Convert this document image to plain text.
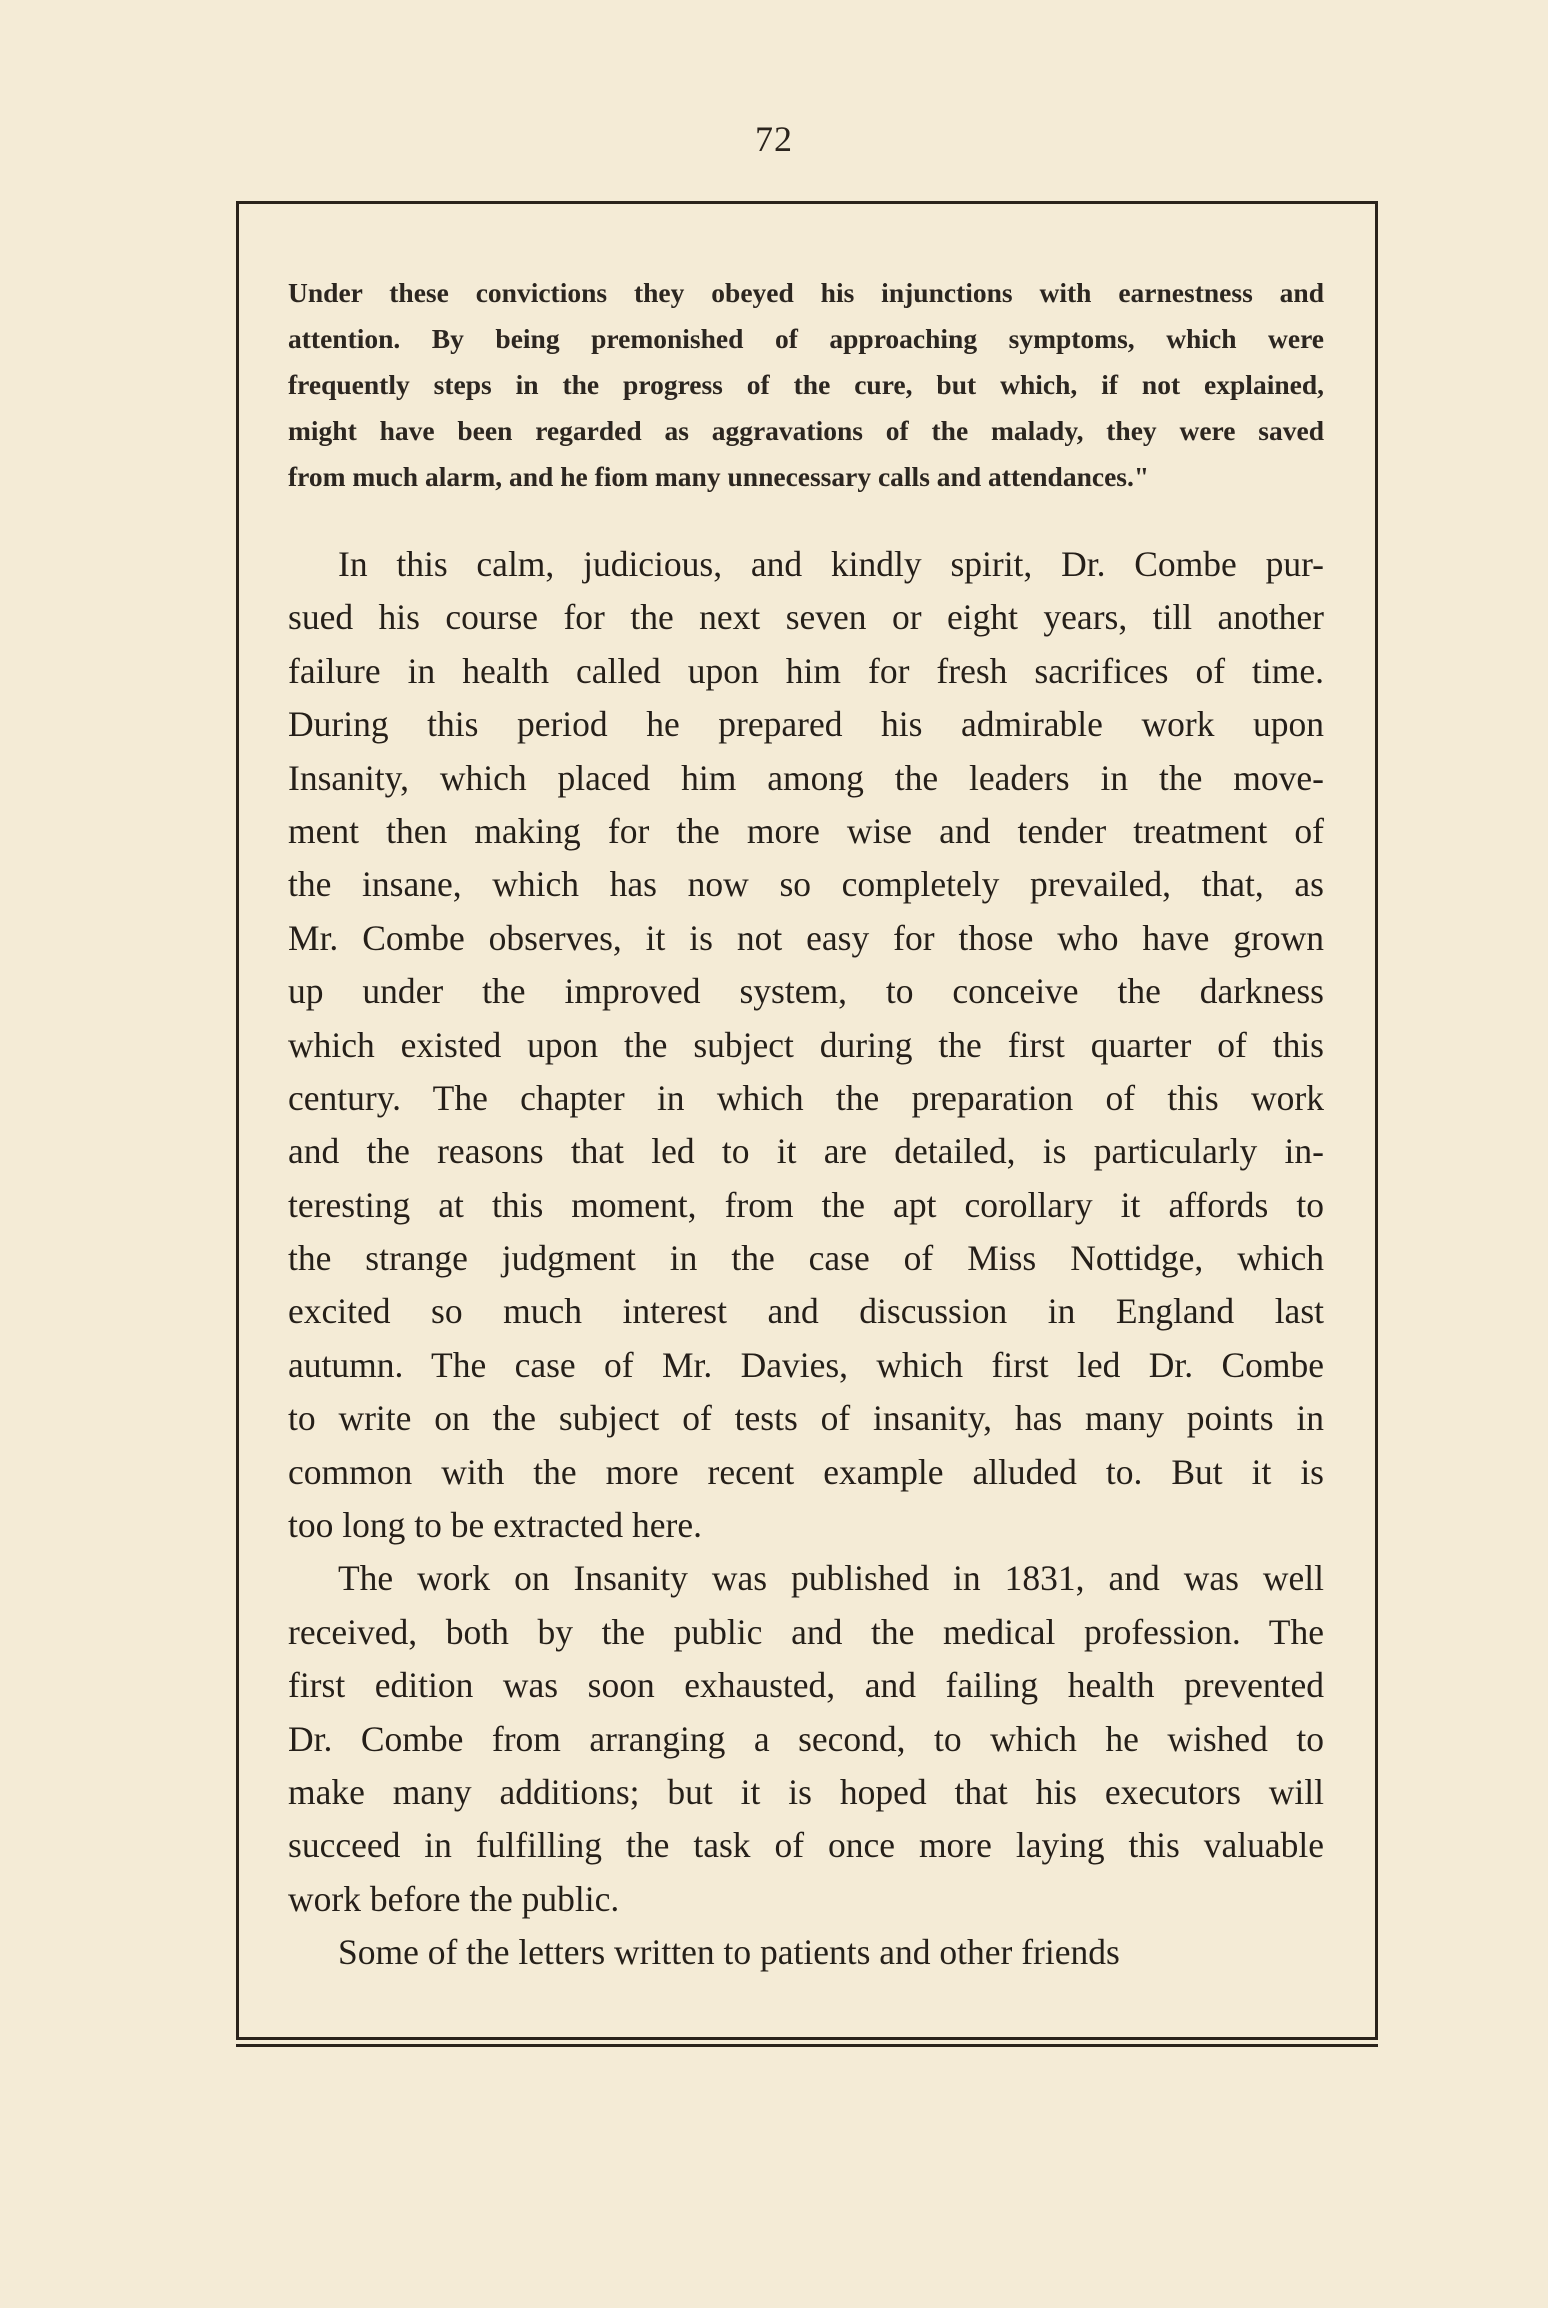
72
Under these convictions they obeyed his injunctions with earnestness and
attention. By being premonished of approaching symptoms, which were
frequently steps in the progress of the cure, but which, if not explained,
might have been regarded as aggravations of the malady, they were saved
from much alarm, and he fiom many unnecessary calls and attendances."
In this calm, judicious, and kindly spirit, Dr. Combe pur-
sued his course for the next seven or eight years, till another
failure in health called upon him for fresh sacrifices of time.
During this period he prepared his admirable work upon
Insanity, which placed him among the leaders in the move-
ment then making for the more wise and tender treatment of
the insane, which has now so completely prevailed, that, as
Mr. Combe observes, it is not easy for those who have grown
up under the improved system, to conceive the darkness
which existed upon the subject during the first quarter of this
century. The chapter in which the preparation of this work
and the reasons that led to it are detailed, is particularly in-
teresting at this moment, from the apt corollary it affords to
the strange judgment in the case of Miss Nottidge, which
excited so much interest and discussion in England last
autumn. The case of Mr. Davies, which first led Dr. Combe
to write on the subject of tests of insanity, has many points in
common with the more recent example alluded to. But it is
too long to be extracted here.
The work on Insanity was published in 1831, and was well
received, both by the public and the medical profession. The
first edition was soon exhausted, and failing health prevented
Dr. Combe from arranging a second, to which he wished to
make many additions; but it is hoped that his executors will
succeed in fulfilling the task of once more laying this valuable
work before the public.
Some of the letters written to patients and other friends
